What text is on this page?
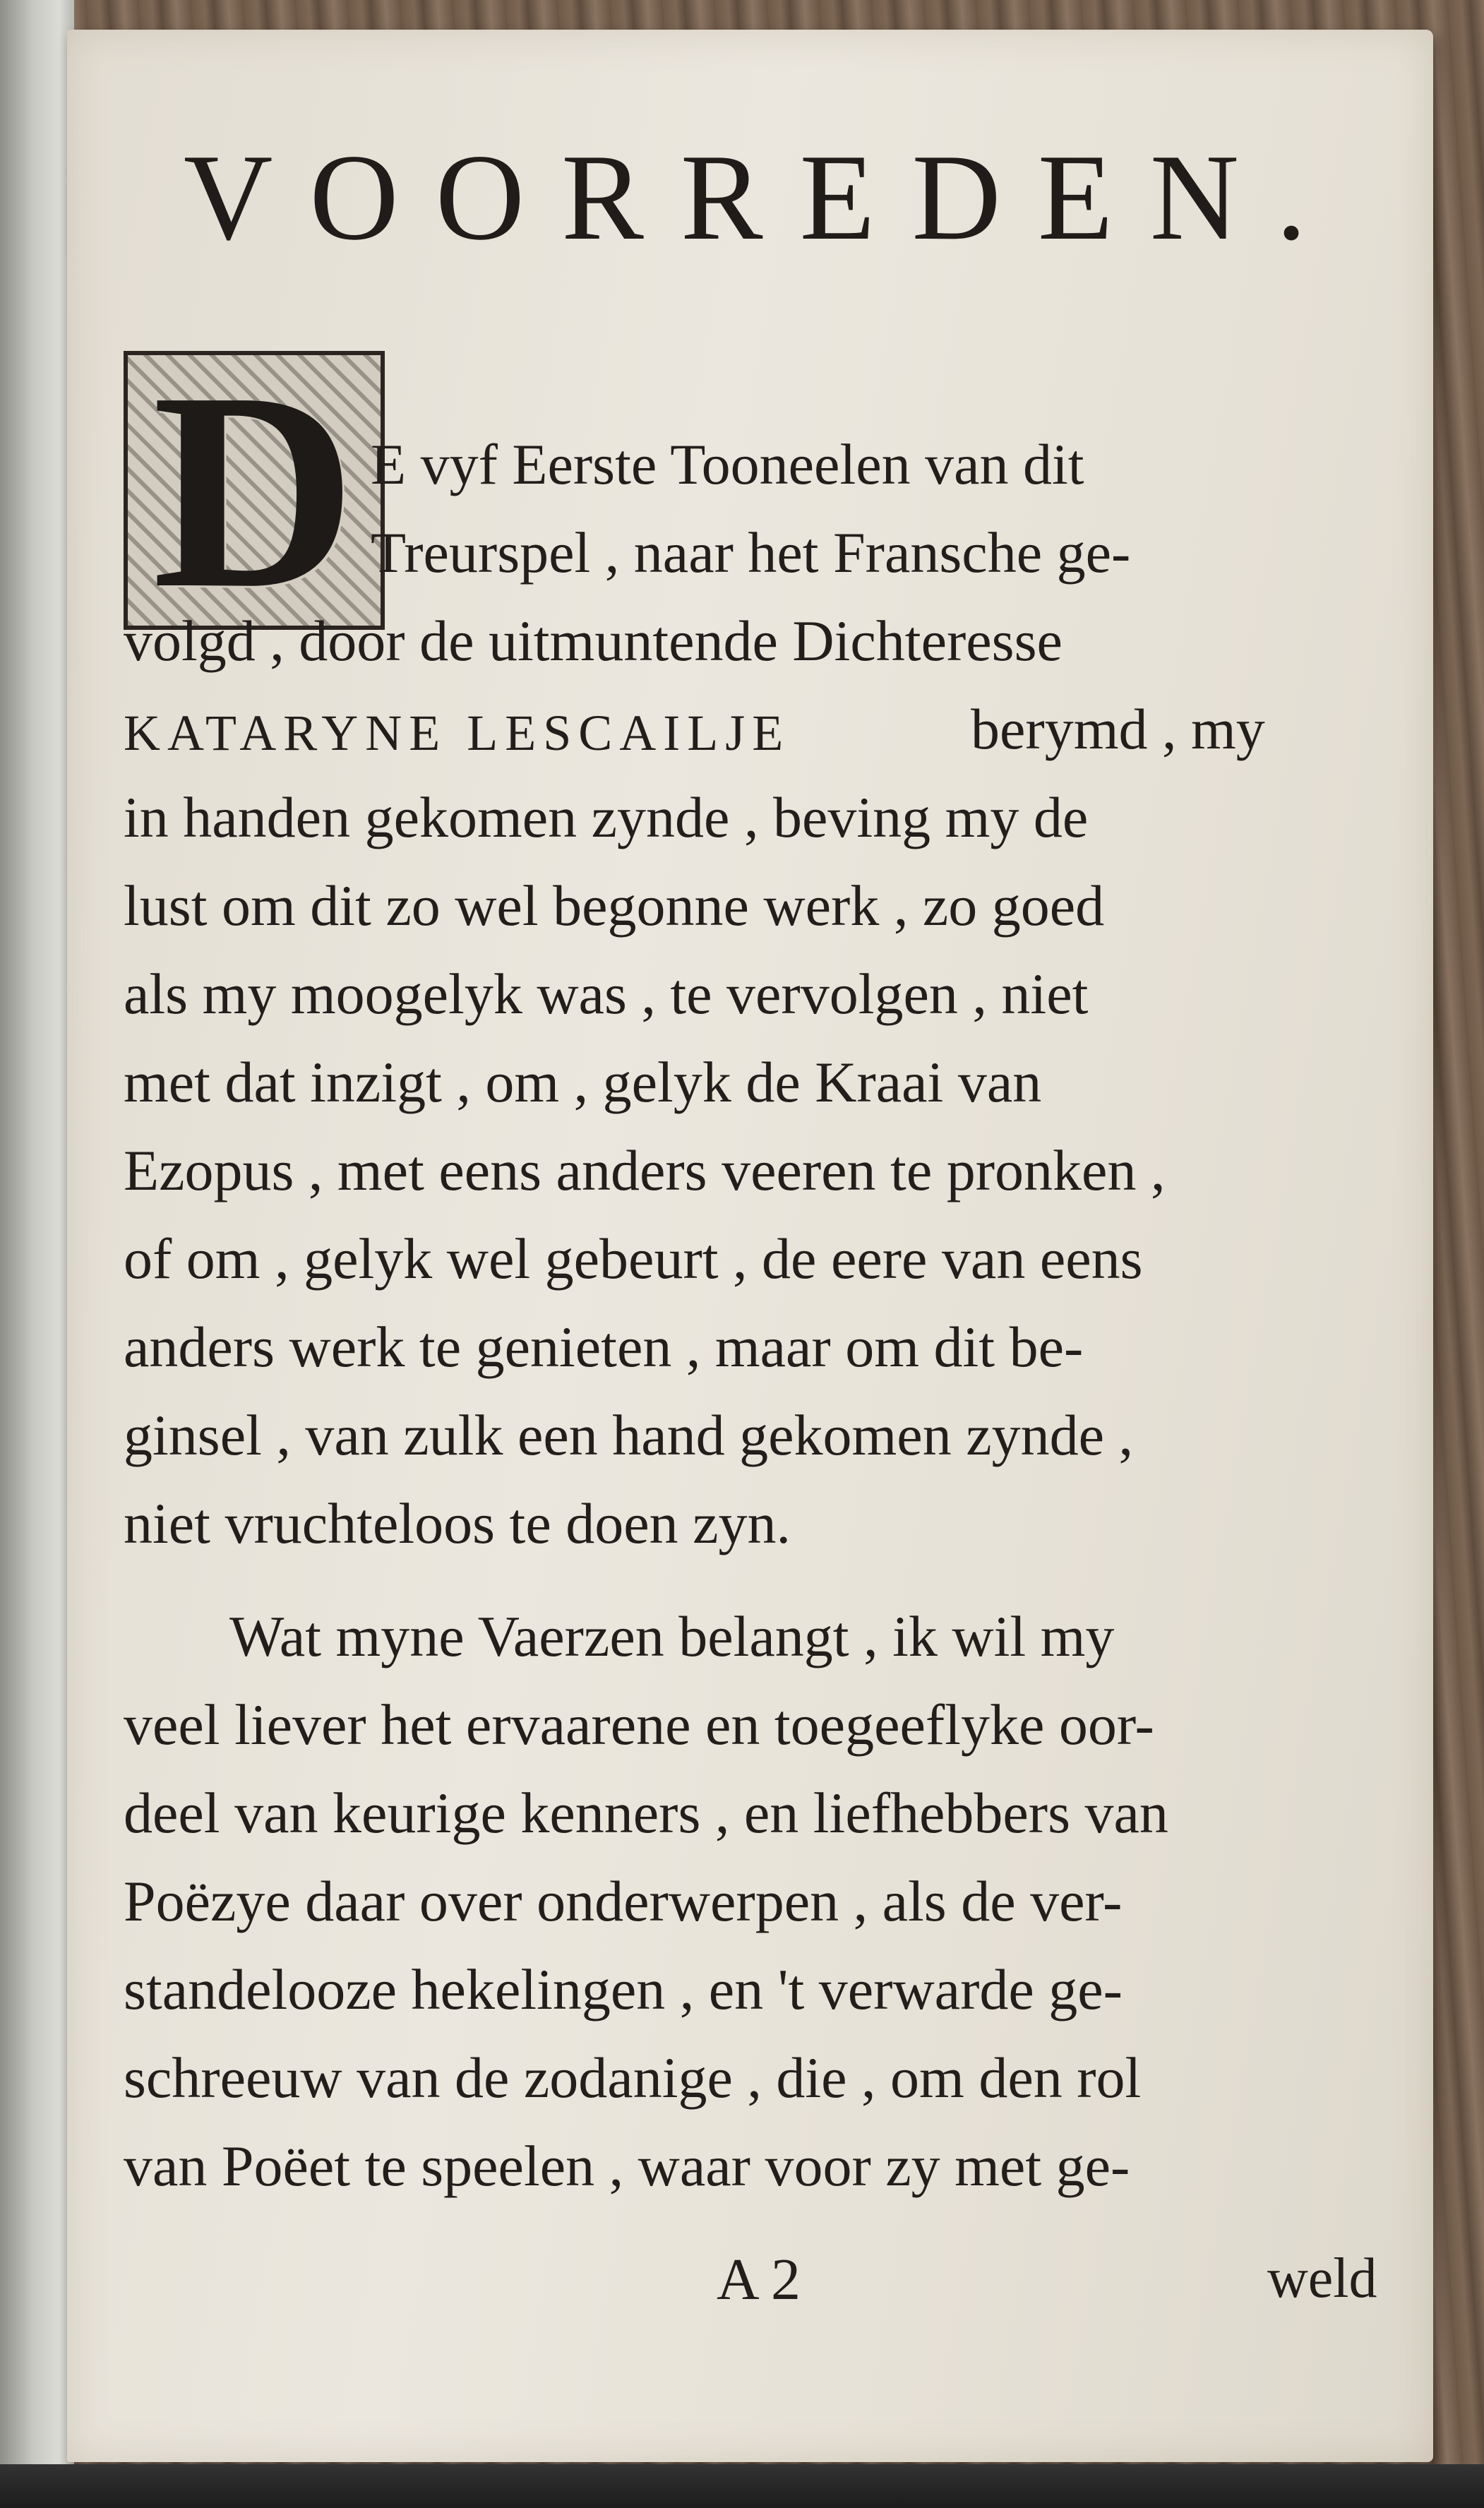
VOORREDEN.
D E vyf Eerste Tooneelen van dit
Treurspel , naar het Fransche ge-
volgd , door de uitmuntende Dichteresse
KATARYNE LESCAILJE	berymd , my
in handen gekomen zynde , beving my de
lust om dit zo wel begonne werk , zo goed
als my moogelyk was , te vervolgen , niet
met dat inzigt , om , gelyk de Kraai van
Ezopus , met eens anders veeren te pronken ,
of om , gelyk wel gebeurt , de eere van eens
anders werk te genieten , maar om dit be-
ginsel , van zulk een hand gekomen zynde ,
niet vruchteloos te doen zyn.
Wat myne Vaerzen belangt , ik wil my
veel liever het ervaarene en toegeeflyke oor-
deel van keurige kenners , en liefhebbers van
Poëzye daar over onderwerpen , als de ver-
standelooze hekelingen , en 't verwarde ge-
schreeuw van de zodanige , die , om den rol
van Poëet te speelen , waar voor zy met ge-
A 2	weld
